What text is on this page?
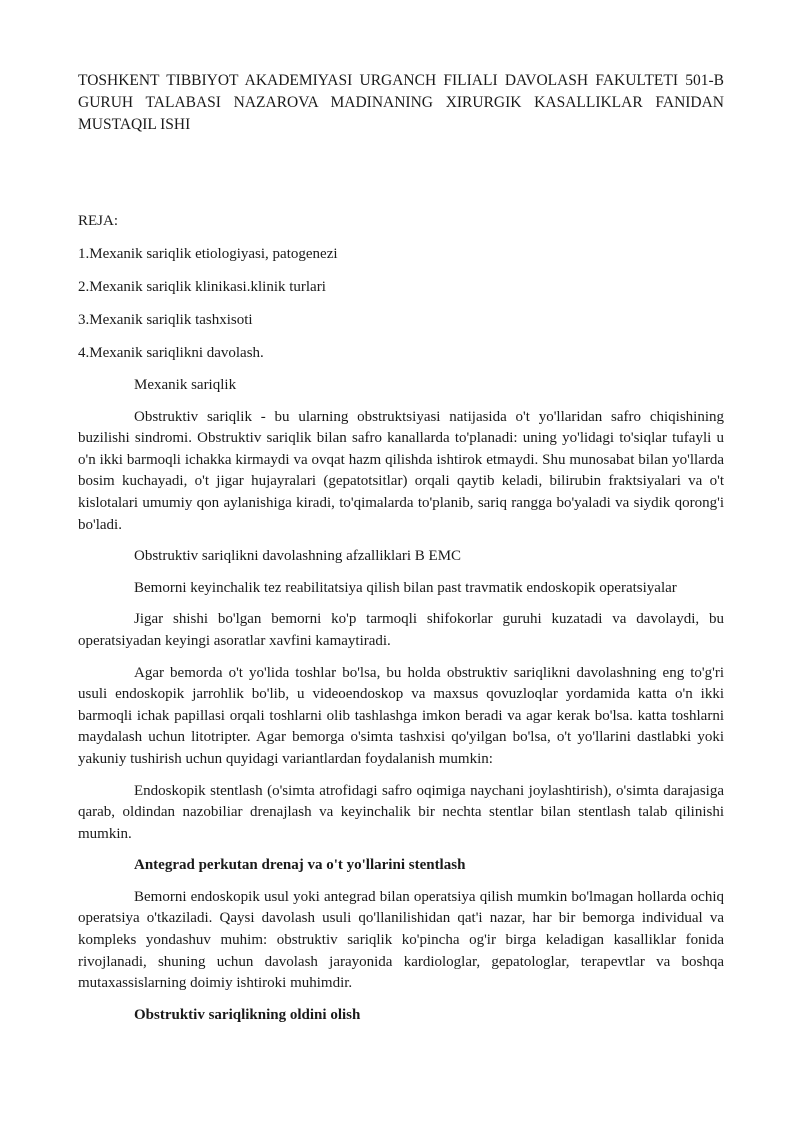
TOSHKENT TIBBIYOT AKADEMIYASI URGANCH FILIALI DAVOLASH FAKULTETI 501-B GURUH TALABASI NAZAROVA MADINANING XIRURGIK KASALLIKLAR FANIDAN MUSTAQIL ISHI

REJA:

1.Mexanik sariqlik etiologiyasi, patogenezi

2.Mexanik sariqlik klinikasi.klinik turlari

3.Mexanik sariqlik tashxisoti

4.Mexanik sariqlikni davolash.

Mexanik sariqlik

Obstruktiv sariqlik - bu ularning obstruktsiyasi natijasida o't yo'llaridan safro chiqishining buzilishi sindromi. Obstruktiv sariqlik bilan safro kanallarda to'planadi: uning yo'lidagi to'siqlar tufayli u o'n ikki barmoqli ichakka kirmaydi va ovqat hazm qilishda ishtirok etmaydi. Shu munosabat bilan yo'llarda bosim kuchayadi, o't jigar hujayralari (gepatotsitlar) orqali qaytib keladi, bilirubin fraktsiyalari va o't kislotalari umumiy qon aylanishiga kiradi, to'qimalarda to'planib, sariq rangga bo'yaladi va siydik qorong'i bo'ladi.

Obstruktiv sariqlikni davolashning afzalliklari B EMC

Bemorni keyinchalik tez reabilitatsiya qilish bilan past travmatik endoskopik operatsiyalar

Jigar shishi bo'lgan bemorni ko'p tarmoqli shifokorlar guruhi kuzatadi va davolaydi, bu operatsiyadan keyingi asoratlar xavfini kamaytiradi.

Agar bemorda o't yo'lida toshlar bo'lsa, bu holda obstruktiv sariqlikni davolashning eng to'g'ri usuli endoskopik jarrohlik bo'lib, u videoendoskop va maxsus qovuzloqlar yordamida katta o'n ikki barmoqli ichak papillasi orqali toshlarni olib tashlashga imkon beradi va agar kerak bo'lsa. katta toshlarni maydalash uchun litotripter. Agar bemorga o'simta tashxisi qo'yilgan bo'lsa, o't yo'llarini dastlabki yoki yakuniy tushirish uchun quyidagi variantlardan foydalanish mumkin:

Endoskopik stentlash (o'simta atrofidagi safro oqimiga naychani joylashtirish), o'simta darajasiga qarab, oldindan nazobiliar drenajlash va keyinchalik bir nechta stentlar bilan stentlash talab qilinishi mumkin.

Antegrad perkutan drenaj va o't yo'llarini stentlash

Bemorni endoskopik usul yoki antegrad bilan operatsiya qilish mumkin bo'lmagan hollarda ochiq operatsiya o'tkaziladi. Qaysi davolash usuli qo'llanilishidan qat'i nazar, har bir bemorga individual va kompleks yondashuv muhim: obstruktiv sariqlik ko'pincha og'ir birga keladigan kasalliklar fonida rivojlanadi, shuning uchun davolash jarayonida kardiologlar, gepatologlar, terapevtlar va boshqa mutaxassislarning doimiy ishtiroki muhimdir.

Obstruktiv sariqlikning oldini olish
